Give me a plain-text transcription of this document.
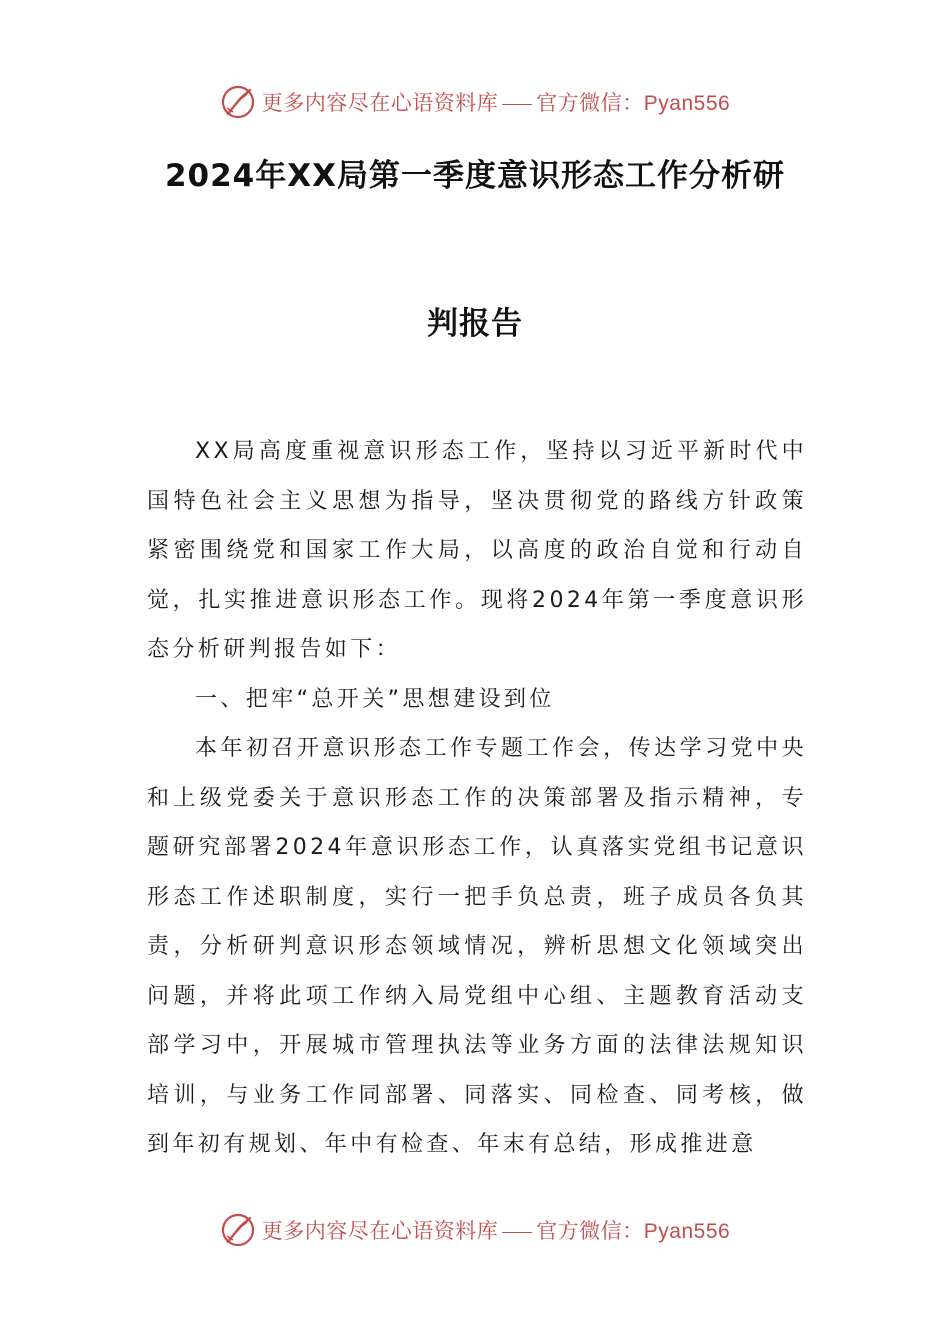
更多内容尽在心语资料库 官方微信：Pyan556
2024年XX局第一季度意识形态工作分析研
判报告

XX局高度重视意识形态工作，坚持以习近平新时代中国特色社会主义思想为指导，坚决贯彻党的路线方针政策紧密围绕党和国家工作大局，以高度的政治自觉和行动自觉，扎实推进意识形态工作。现将2024年第一季度意识形态分析研判报告如下：

一、把牢“总开关”思想建设到位

本年初召开意识形态工作专题工作会，传达学习党中央和上级党委关于意识形态工作的决策部署及指示精神，专题研究部署2024年意识形态工作，认真落实党组书记意识形态工作述职制度，实行一把手负总责，班子成员各负其责，分析研判意识形态领域情况，辨析思想文化领域突出问题，并将此项工作纳入局党组中心组、主题教育活动支部学习中，开展城市管理执法等业务方面的法律法规知识培训，与业务工作同部署、同落实、同检查、同考核，做到年初有规划、年中有检查、年末有总结，形成推进意

更多内容尽在心语资料库 官方微信：Pyan556
